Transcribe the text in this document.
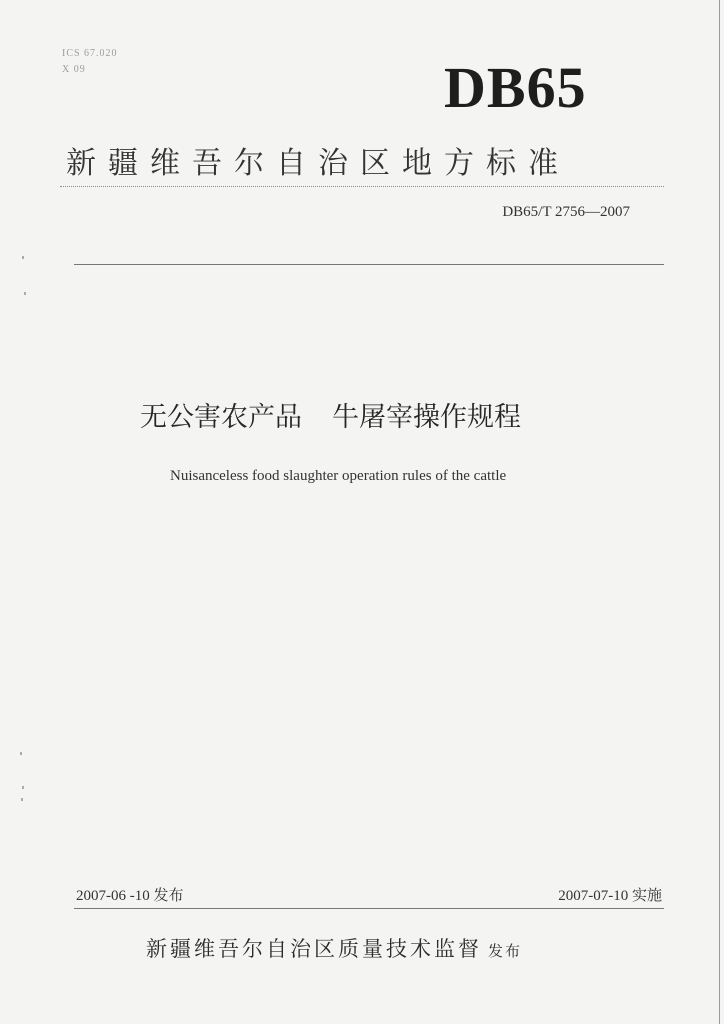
ICS 67.020
X 09	DB65
新疆维吾尔自治区地方标准
DB65/T 2756—2007
无公害农产品 牛屠宰操作规程
Nuisanceless food slaughter operation rules of the cattle
2007-06 -10 发布	2007-07-10 实施
新疆维吾尔自治区质量技术监督 发布
